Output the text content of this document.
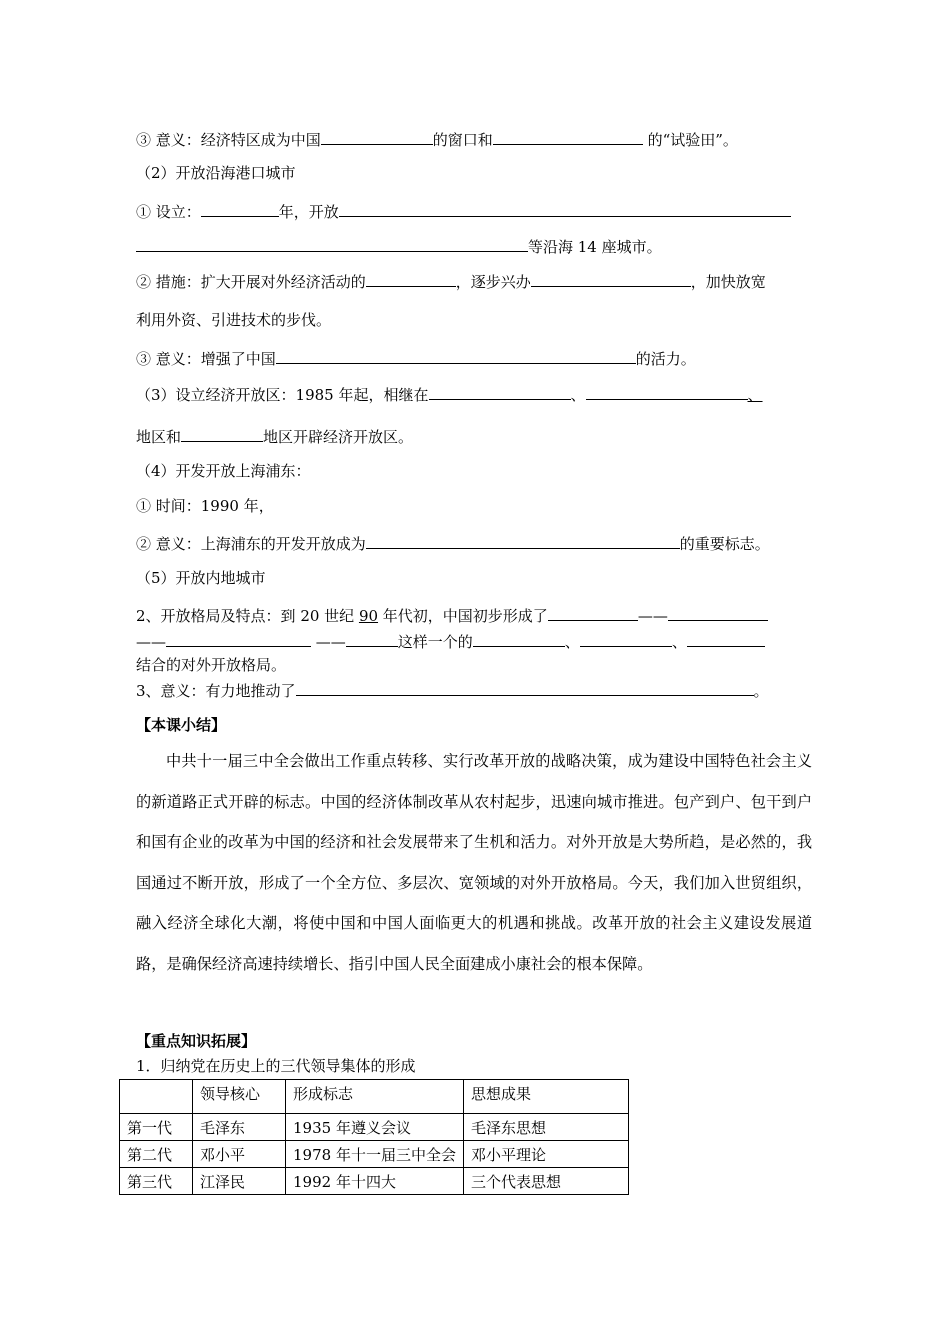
③ 意义：经济特区成为中国	的窗口和	的“试验田”。
（2）开放沿海港口城市
① 设立：	年，开放
等沿海 14 座城市。
② 措施：扩大开展对外经济活动的	，逐步兴办	，加快放宽
利用外资、引进技术的步伐。
③ 意义：增强了中国	的活力。
（3）设立经济开放区：1985 年起，相继在	、	、
地区和	地区开辟经济开放区。
（4）开发开放上海浦东：
① 时间：1990 年，
② 意义：上海浦东的开发开放成为	的重要标志。
（5）开放内地城市
2、开放格局及特点：到 20 世纪 90 年代初，中国初步形成了	——
——	——	这样一个的	、	、
结合的对外开放格局。
3、意义：有力地推动了	。
【本课小结】
中共十一届三中全会做出工作重点转移、实行改革开放的战略决策，成为建设中国特色社会主义的新道路正式开辟的标志。中国的经济体制改革从农村起步，迅速向城市推进。包产到户、包干到户和国有企业的改革为中国的经济和社会发展带来了生机和活力。对外开放是大势所趋，是必然的，我国通过不断开放，形成了一个全方位、多层次、宽领域的对外开放格局。今天，我们加入世贸组织，融入经济全球化大潮，将使中国和中国人面临更大的机遇和挑战。改革开放的社会主义建设发展道路，是确保经济高速持续增长、指引中国人民全面建成小康社会的根本保障。
【重点知识拓展】
1．归纳党在历史上的三代领导集体的形成
	领导核心	形成标志	思想成果
第一代	毛泽东	1935 年遵义会议	毛泽东思想
第二代	邓小平	1978 年十一届三中全会	邓小平理论
第三代	江泽民	1992 年十四大	三个代表思想
